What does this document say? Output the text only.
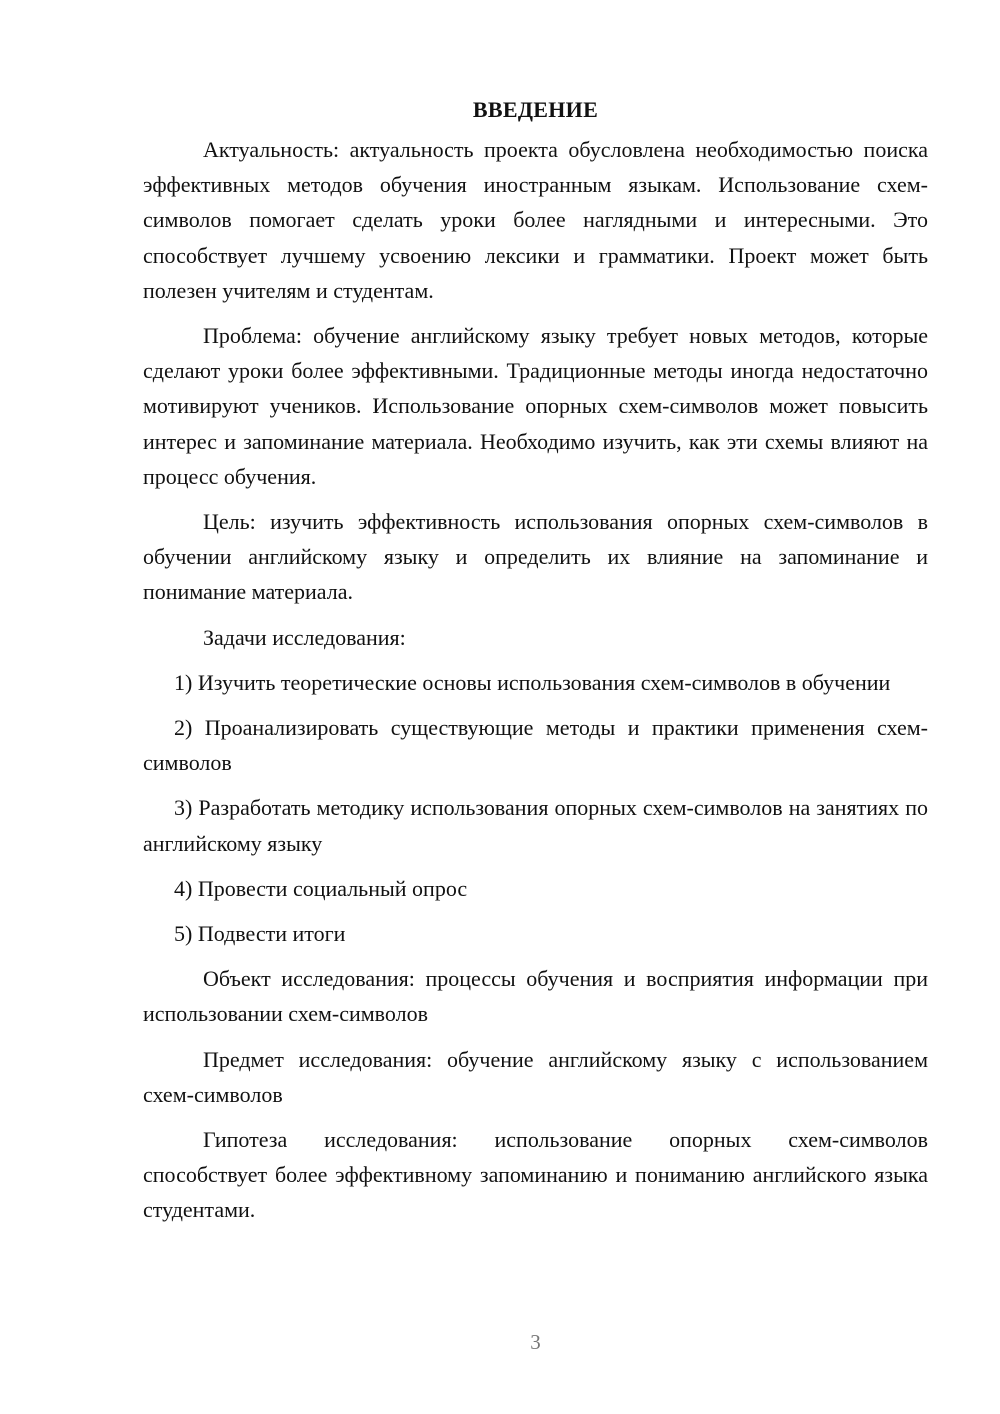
ВВЕДЕНИЕ

Актуальность: актуальность проекта обусловлена необходимостью поиска эффективных методов обучения иностранным языкам. Использование схем-символов помогает сделать уроки более наглядными и интересными. Это способствует лучшему усвоению лексики и грамматики. Проект может быть полезен учителям и студентам.

Проблема: обучение английскому языку требует новых методов, которые сделают уроки более эффективными. Традиционные методы иногда недостаточно мотивируют учеников. Использование опорных схем-символов может повысить интерес и запоминание материала. Необходимо изучить, как эти схемы влияют на процесс обучения.

Цель: изучить эффективность использования опорных схем-символов в обучении английскому языку и определить их влияние на запоминание и понимание материала.

Задачи исследования:

1) Изучить теоретические основы использования схем-символов в обучении

2) Проанализировать существующие методы и практики применения схем-символов

3) Разработать методику использования опорных схем-символов на занятиях по английскому языку

4) Провести социальный опрос

5) Подвести итоги

Объект исследования: процессы обучения и восприятия информации при использовании схем-символов

Предмет исследования: обучение английскому языку с использованием схем-символов

Гипотеза исследования: использование опорных схем-символов способствует более эффективному запоминанию и пониманию английского языка студентами.

3
